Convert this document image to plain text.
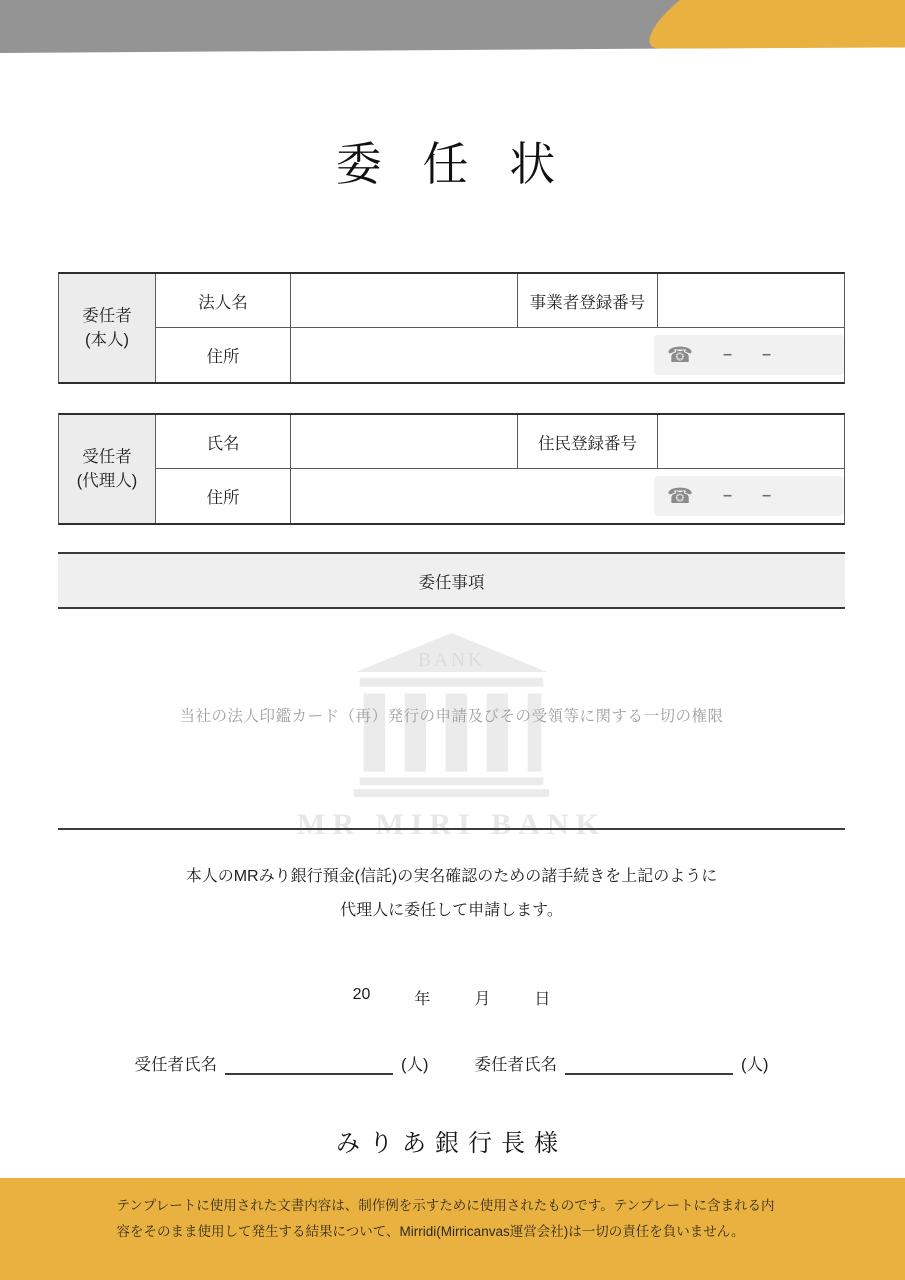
委 任 状
委任者
(本人)
法人名	事業者登録番号
住所	☎ – –
受任者
(代理人)
氏名	住民登録番号
住所	☎ – –
委任事項
BANK
MR MIRI BANK
当社の法人印鑑カード（再）発行の申請及びその受領等に関する一切の権限
本人のMRみり銀行預金(信託)の実名確認のための諸手続きを上記のように
代理人に委任して申請します。
20	年	月	日
受任者氏名	(人)	委任者氏名	(人)
みりあ銀行長様
テンプレートに使用された文書内容は、制作例を示すために使用されたものです。テンプレートに含まれる内
容をそのまま使用して発生する結果について、Mirridi(Mirricanvas運営会社)は一切の責任を負いません。
